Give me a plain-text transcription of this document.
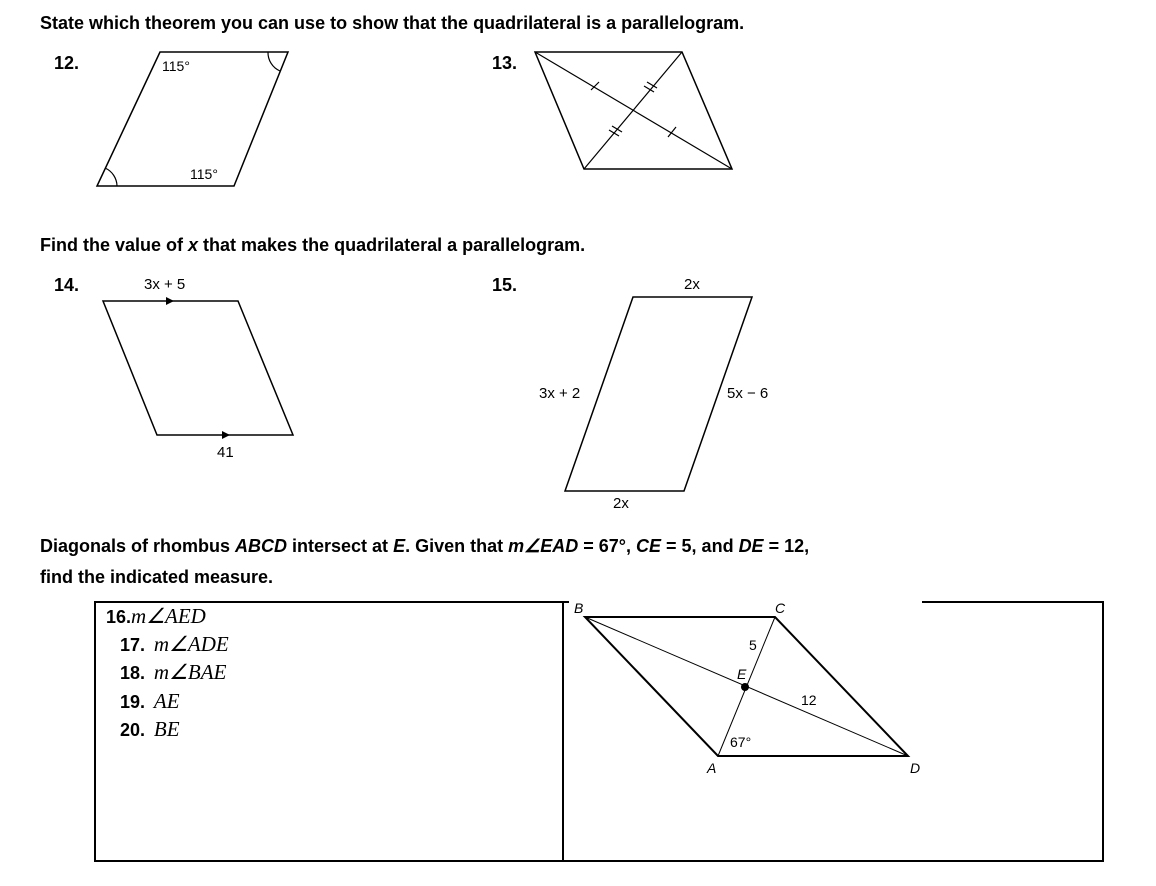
State which theorem you can use to show that the quadrilateral is a parallelogram.
12.	115°
115°
13.
Find the value of x that makes the quadrilateral a parallelogram.
14.	3x + 5
41
15.	2x
3x + 2	5x − 6
2x
Diagonals of rhombus ABCD intersect at E. Given that m∠EAD = 67°, CE = 5, and DE = 12,
find the indicated measure.
16.m∠AED
17. m∠ADE
18. m∠BAE
19. AE
20. BE
B	C
A	D
E
5
12
67°
